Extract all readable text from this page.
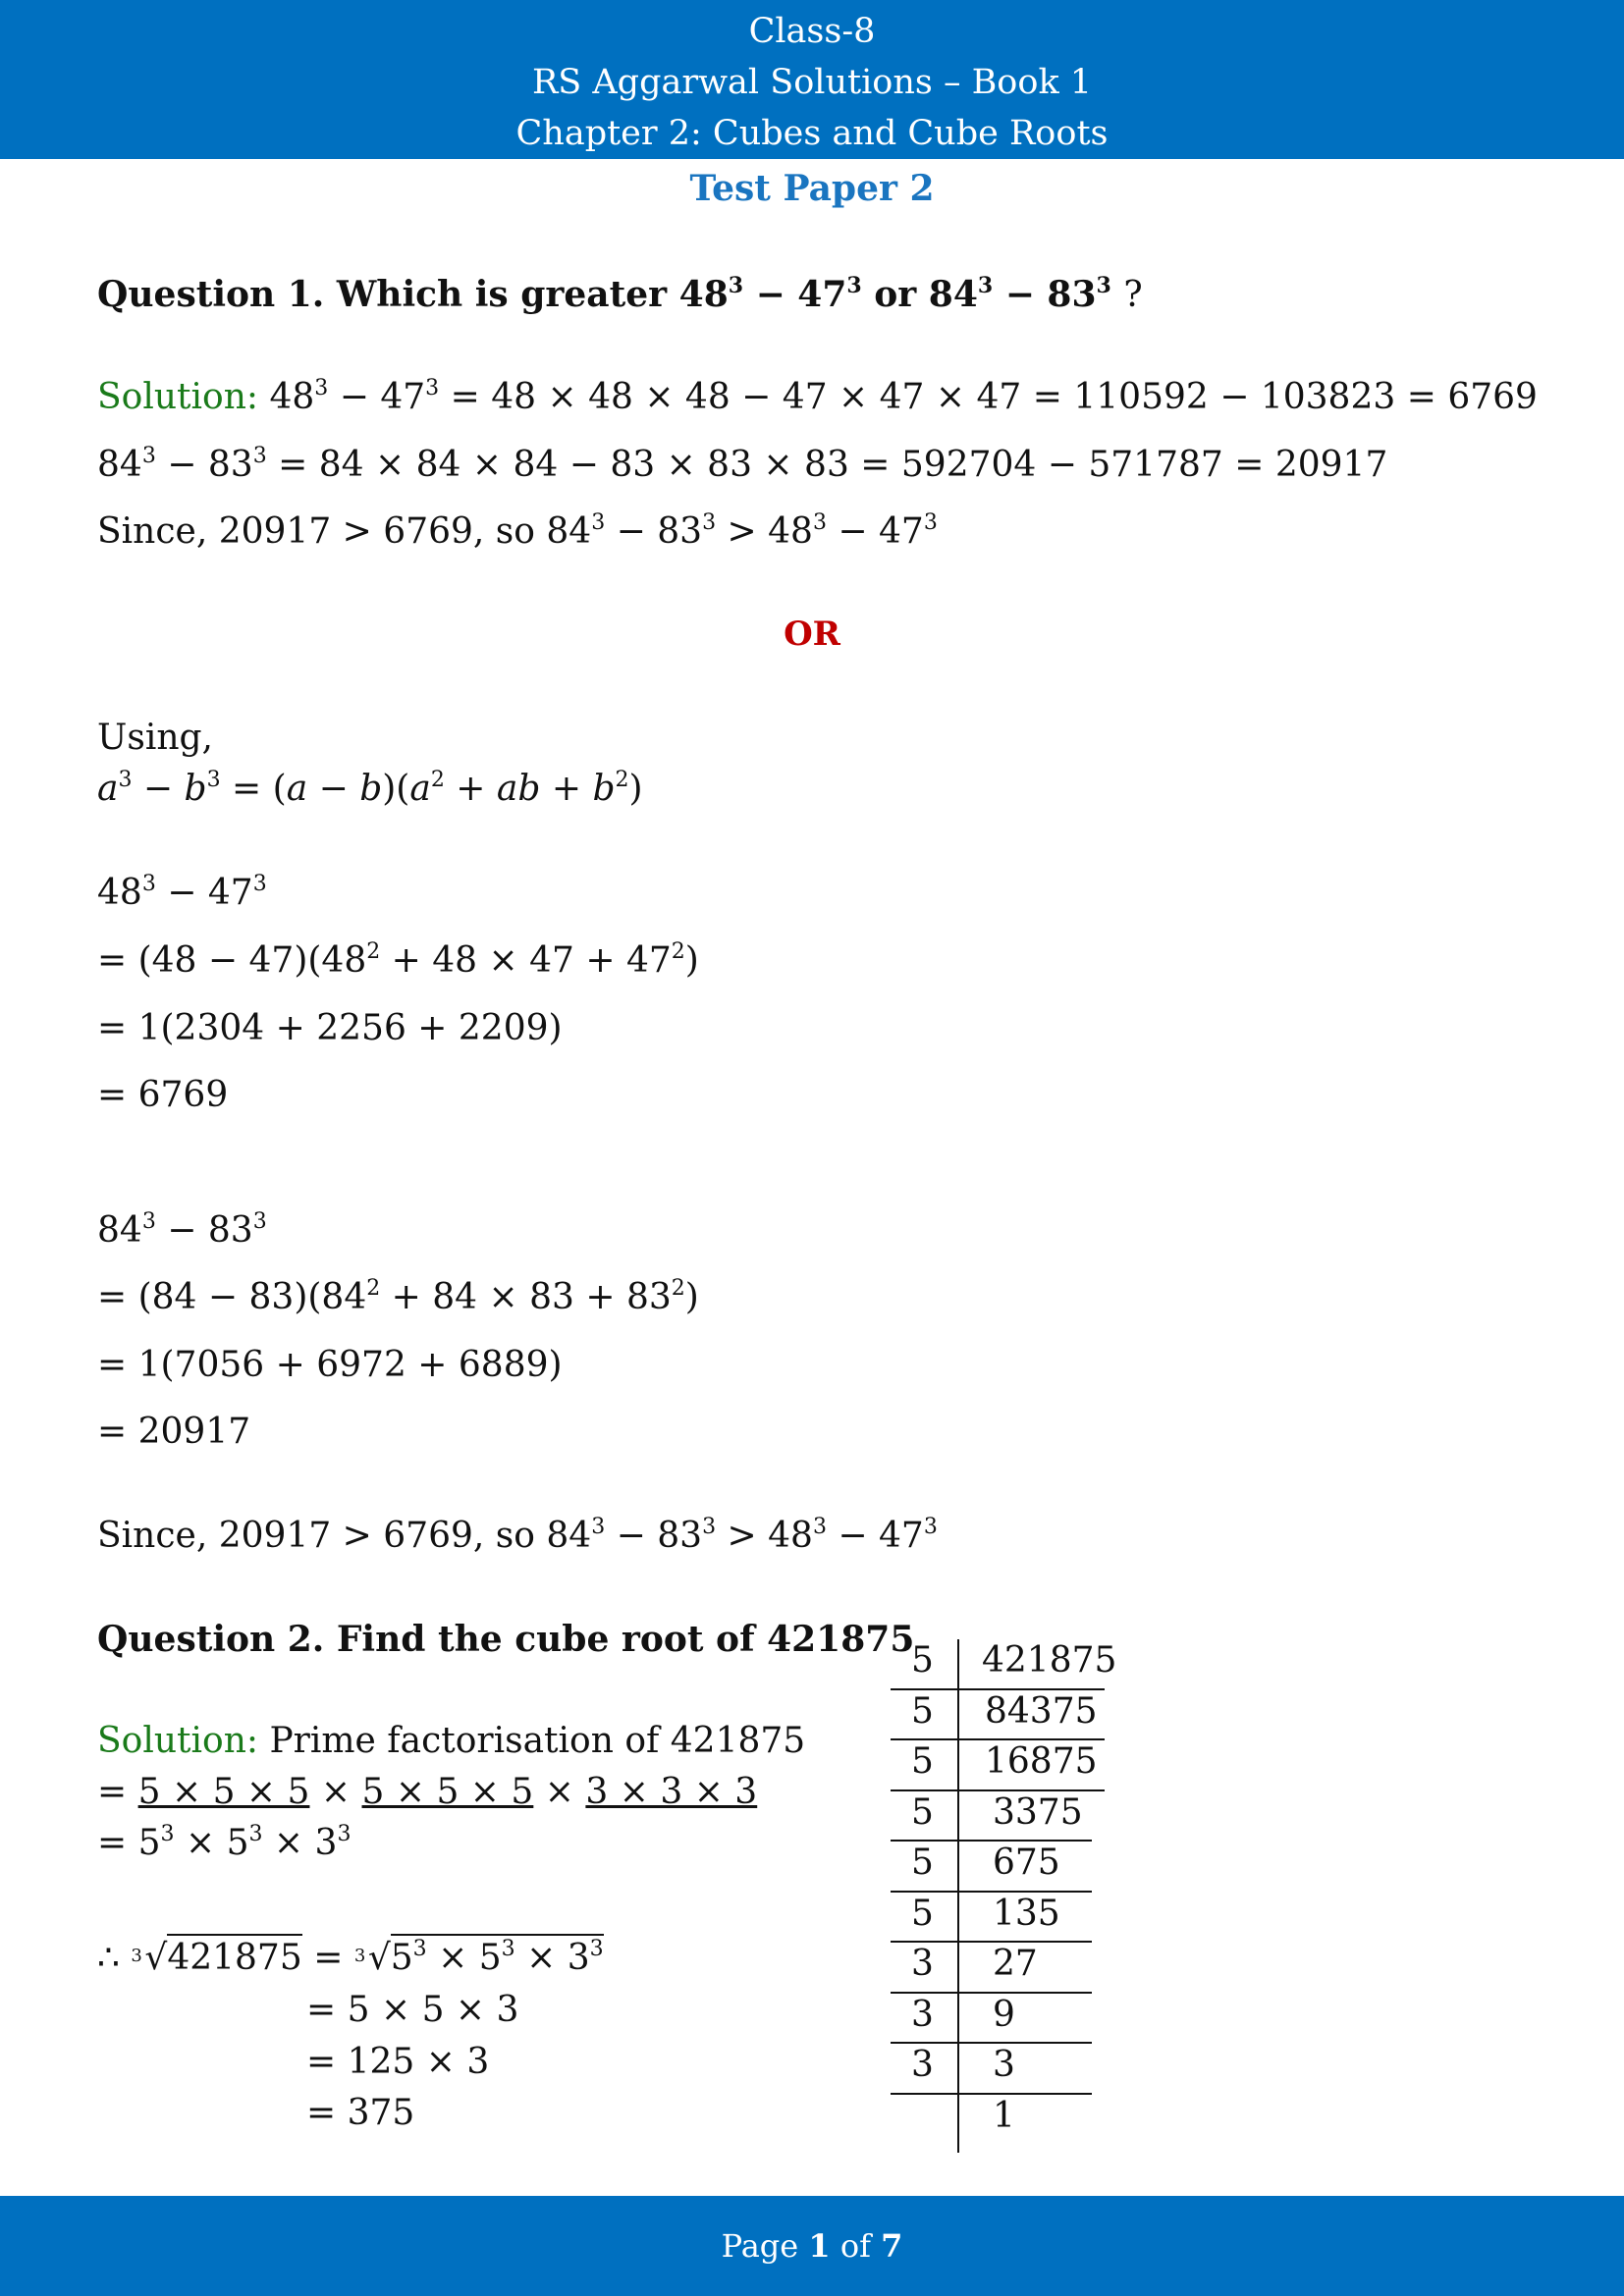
Class-8
RS Aggarwal Solutions – Book 1
Chapter 2: Cubes and Cube Roots
Test Paper 2
Question 1. Which is greater $48^3 - 47^3$ or $84^3 - 83^3$ ?
Solution: $48^3 - 47^3 = 48 \times 48 \times 48 - 47 \times 47 \times 47 = 110592 - 103823 = 6769$
$84^3 - 83^3 = 84 \times 84 \times 84 - 83 \times 83 \times 83 = 592704 - 571787 = 20917$
Since, 20917 > 6769, so $84^3 - 83^3 > 48^3 - 47^3$
OR
Using,
$a^3 - b^3 = (a - b)(a^2$ + ab + $b^2$)
$48^3 - 47^3$
= $(48 - 47)(48^2 + 48 \times 47 + 47^2)$
= 1(2304 + 2256 + 2209)
= 6769
$84^3 - 83^3$
= $(84 - 83)(84^2 + 84 \times 83 + 83^2)$
= 1(7056 + 6972 + 6889)
= 20917
Since, 20917 > 6769, so $84^3 - 83^3 > 48^3 - 47^3$
Question 2. Find the cube root of 421875
Solution: Prime factorisation of 421875
= 5 × 5 × 5 × 5 × 5 × 5 × 3 × 3 × 3
= $5^3 \times 5^3 \times 3^3$
∴ 3 √421875 = 3 $√5^3 \times 5^3 \times 3^3$
= 5 × 5 × 3
= 125 × 3
= 375
5 421875
5 84375
5 16875
5 3375
5 675
5 135
3 27
3 9
3 3
1
Page 1 of 7
